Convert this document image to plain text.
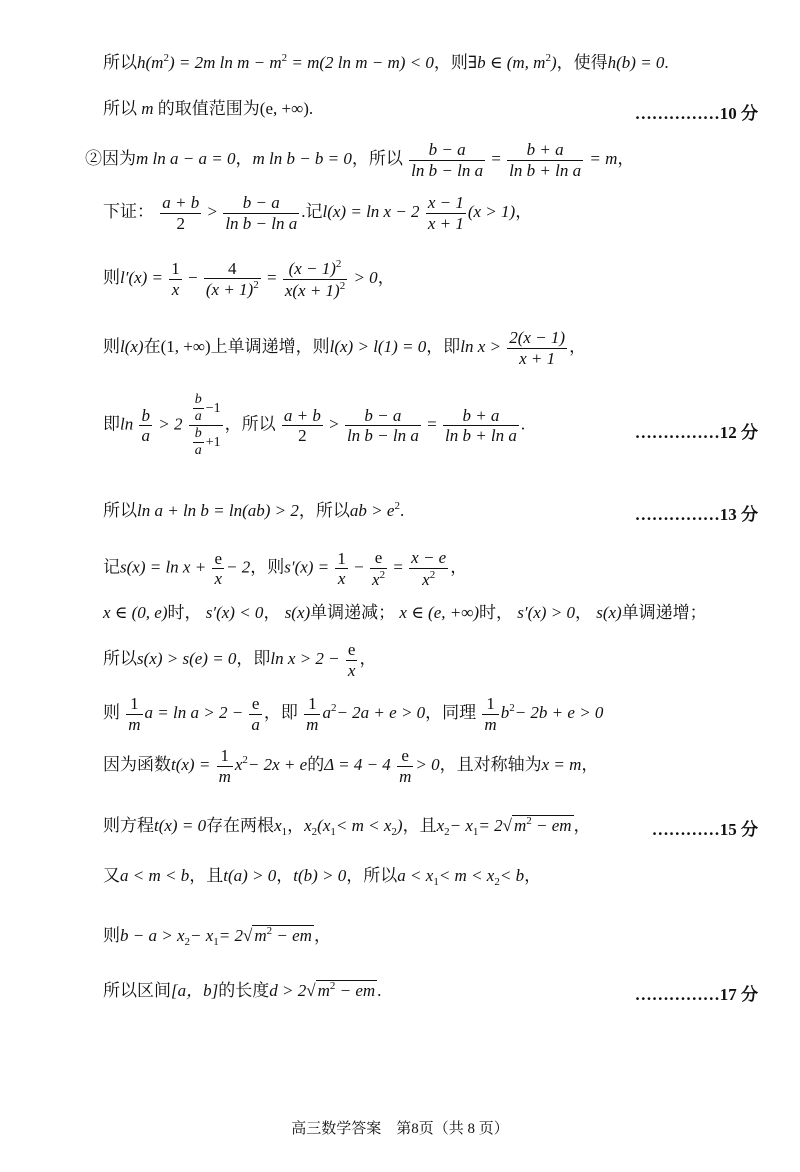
所以$h(m^2) = 2m$ $\ln m - m^2 = m(2$ ln m − m) < 0，则∃b ∈ (m, $m^2$)，使得h(b) = 0.
所以 m 的取值范围为(e, +∞).	……………10 分
②因为m ln a − a = 0，m ln b − b = 0，所以 $\frac{b - a}{\text{ln b − ln a}} = \frac{b + a}{\text{ln b + ln a}} = m$，
下证： $\frac{a + b}{2} > \frac{b - a}{\text{ln b − ln a}}$ .记$l(x) = \ln x - 2 \frac{x - 1}{x + 1} (x > 1)$，
则$l'(x) = \frac{1}{x} - \frac{4}{(x + 1)^2} = \frac{(x - 1)^2}{x(x + 1)^2} > 0$，
则l(x)在(1, +∞)上单调递增，则l(x) > l(1) = 0，即$\ln x > \frac{2(x - 1)}{x + 1}$ ，
即$\ln \frac{b}{a} > 2 \frac{\frac{b}{a} -1}{\frac{b}{a} +1}$ ，所以 $\frac{a + b}{2} > \frac{b - a}{\text{ln b − ln a}} = \frac{b + a}{\text{ln b + ln a}}$ .	……………12 分
所以ln a + ln b = ln(ab) > 2，所以ab > $e^2$.	……………13 分
记$s(x) = \ln x + \frac{e}{x} - 2$，则$s'(x) = \frac{1}{x} - \frac{e}{x^2} = \frac{x - e}{x^2}$ ，
x ∈ (0, e)时， s′(x) < 0， s(x)单调递减； x ∈ (e, +∞)时， s′(x) > 0， s(x)单调递增；
所以s(x) > s(e) = 0，即$\ln x > 2 - \frac{e}{x}$ ，
则 $\frac{1}{m}$ $a = \ln a > 2 - \frac{e}{a}$ ，即 $\frac{1}{m} a^2- 2a + e > 0$，同理 $\frac{1}{m} b^2- 2b + e > 0$
因为函数$t(x) = \frac{1}{m} x^2- 2x + e$的$\Delta = 4 - 4 \frac{e}{m} > 0$，且对称轴为x = m，
则方程t(x) = 0存在两根$x_1$，$x_2(x_1< m < x_2)$，且$x_2- x_1= 2√$ $m^2$ − em ，	…………15 分
又a < m < b，且t(a) > 0，t(b) > 0，所以$a < x_1< m < x_2< b$，
则$b - a > x_2- x_1= 2√$ $m^2$ − em ，
所以区间[a，b]的长度d > 2√ $m^2$ − em .	……………17 分
高三数学答案　第8页（共 8 页）
